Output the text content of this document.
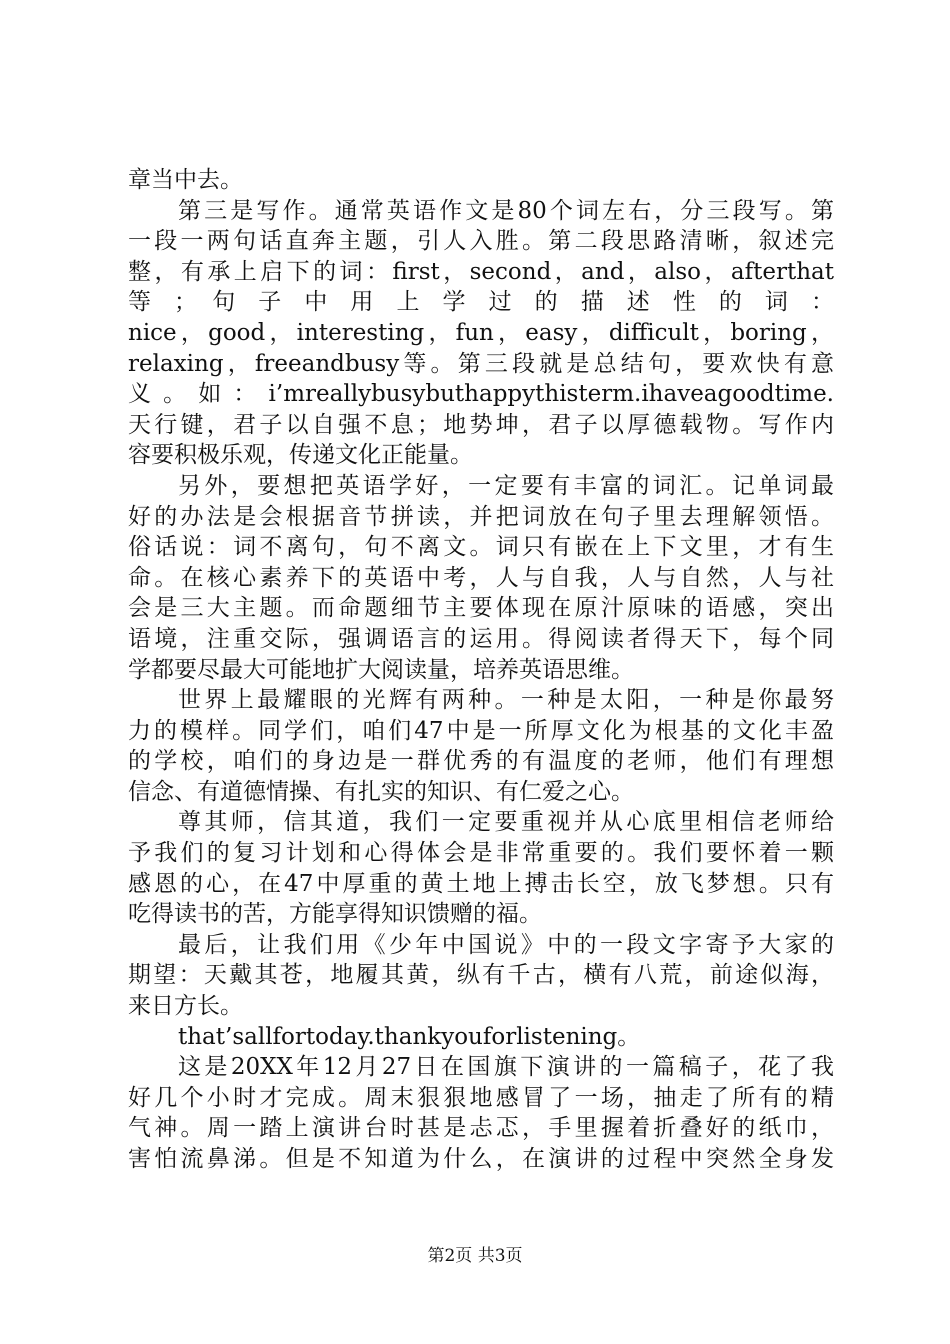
章当中去。
第三是写作。通常英语作文是80个词左右，分三段写。第
一段一两句话直奔主题，引人入胜。第二段思路清晰，叙述完
整，有承上启下的词：first，second，and，also，afterthat
等 ； 句 子 中 用 上 学 过 的 描 述 性 的 词 ：
nice，good，interesting，fun，easy，difficult，boring，
relaxing，freeandbusy等。第三段就是总结句，要欢快有意
义 。 如 ： i’mreallybusybuthappythisterm.ihaveagoodtime.
天行键，君子以自强不息；地势坤，君子以厚德载物。写作内
容要积极乐观，传递文化正能量。
另外，要想把英语学好，一定要有丰富的词汇。记单词最
好的办法是会根据音节拼读，并把词放在句子里去理解领悟。
俗话说：词不离句，句不离文。词只有嵌在上下文里，才有生
命。在核心素养下的英语中考，人与自我，人与自然，人与社
会是三大主题。而命题细节主要体现在原汁原味的语感，突出
语境，注重交际，强调语言的运用。得阅读者得天下，每个同
学都要尽最大可能地扩大阅读量，培养英语思维。
世界上最耀眼的光辉有两种。一种是太阳，一种是你最努
力的模样。同学们，咱们47中是一所厚文化为根基的文化丰盈
的学校，咱们的身边是一群优秀的有温度的老师，他们有理想
信念、有道德情操、有扎实的知识、有仁爱之心。
尊其师，信其道，我们一定要重视并从心底里相信老师给
予我们的复习计划和心得体会是非常重要的。我们要怀着一颗
感恩的心，在47中厚重的黄土地上搏击长空，放飞梦想。只有
吃得读书的苦，方能享得知识馈赠的福。
最后，让我们用《少年中国说》中的一段文字寄予大家的
期望：天戴其苍，地履其黄，纵有千古，横有八荒，前途似海，
来日方长。
that’sallfortoday.thankyouforlistening。
这是20XX年12月27日在国旗下演讲的一篇稿子，花了我
好几个小时才完成。周末狠狠地感冒了一场，抽走了所有的精
气神。周一踏上演讲台时甚是忐忑，手里握着折叠好的纸巾，
害怕流鼻涕。但是不知道为什么，在演讲的过程中突然全身发
第2页 共3页
